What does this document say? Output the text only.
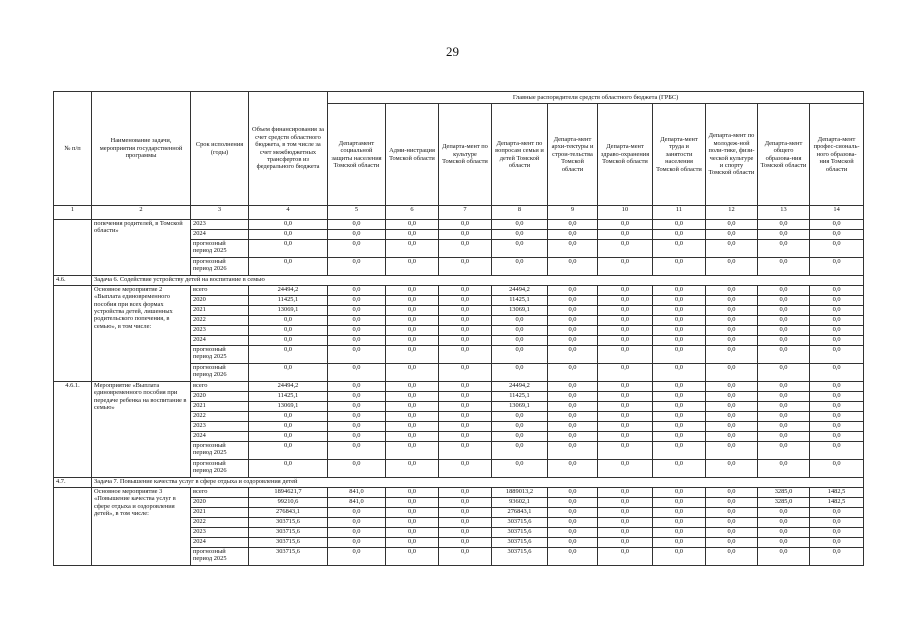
29
№ п/п	Наименование задачи, мероприятия государственной программы	Срок исполнения (годы)	Объем финансирования за счет средств областного бюджета, в том числе за счет межбюджетных трансфертов из федерального бюджета	Главные распорядители средств областного бюджета (ГРБС)									
				Департамент социальной защиты населения Томской области	Адми-нистрация Томской области	Департа-мент по культуре Томской области	Департа-мент по вопросам семьи и детей Томской области	Департа-мент архи-тектуры и строи-тельства Томской области	Департа-мент здраво-охранения Томской области	Департа-мент труда и занятости населения Томской области	Департа-мент по молодеж-ной поли-тике, физи-ческой культуре и спорту Томской области	Департа-мент общего образова-ния Томской области	Департа-мент профес-сиональ-ного образова-ния Томской области
1	2	3	4	5	6	7	8	9	10	11	12	13	14
	попечения родителей, в Томской области»	2023	0,0	0,0	0,0	0,0	0,0	0,0	0,0	0,0	0,0	0,0	0,0
		2024	0,0	0,0	0,0	0,0	0,0	0,0	0,0	0,0	0,0	0,0	0,0
		прогнозный период 2025	0,0	0,0	0,0	0,0	0,0	0,0	0,0	0,0	0,0	0,0	0,0
		прогнозный период 2026	0,0	0,0	0,0	0,0	0,0	0,0	0,0	0,0	0,0	0,0	0,0
4.6.	Задача 6. Содействие устройству детей на воспитание в семью												
	Основное мероприятие 2 «Выплата единовременного пособия при всех формах устройства детей, лишенных родительского попечения, в семью», в том числе:	всего	24494,2	0,0	0,0	0,0	24494,2	0,0	0,0	0,0	0,0	0,0	0,0
		2020	11425,1	0,0	0,0	0,0	11425,1	0,0	0,0	0,0	0,0	0,0	0,0
		2021	13069,1	0,0	0,0	0,0	13069,1	0,0	0,0	0,0	0,0	0,0	0,0
		2022	0,0	0,0	0,0	0,0	0,0	0,0	0,0	0,0	0,0	0,0	0,0
		2023	0,0	0,0	0,0	0,0	0,0	0,0	0,0	0,0	0,0	0,0	0,0
		2024	0,0	0,0	0,0	0,0	0,0	0,0	0,0	0,0	0,0	0,0	0,0
		прогнозный период 2025	0,0	0,0	0,0	0,0	0,0	0,0	0,0	0,0	0,0	0,0	0,0
		прогнозный период 2026	0,0	0,0	0,0	0,0	0,0	0,0	0,0	0,0	0,0	0,0	0,0
4.6.1.	Мероприятие «Выплата единовременного пособия при передаче ребенка на воспитание в семью»	всего	24494,2	0,0	0,0	0,0	24494,2	0,0	0,0	0,0	0,0	0,0	0,0
		2020	11425,1	0,0	0,0	0,0	11425,1	0,0	0,0	0,0	0,0	0,0	0,0
		2021	13069,1	0,0	0,0	0,0	13069,1	0,0	0,0	0,0	0,0	0,0	0,0
		2022	0,0	0,0	0,0	0,0	0,0	0,0	0,0	0,0	0,0	0,0	0,0
		2023	0,0	0,0	0,0	0,0	0,0	0,0	0,0	0,0	0,0	0,0	0,0
		2024	0,0	0,0	0,0	0,0	0,0	0,0	0,0	0,0	0,0	0,0	0,0
		прогнозный период 2025	0,0	0,0	0,0	0,0	0,0	0,0	0,0	0,0	0,0	0,0	0,0
		прогнозный период 2026	0,0	0,0	0,0	0,0	0,0	0,0	0,0	0,0	0,0	0,0	0,0
4.7.	Задача 7. Повышение качества услуг в сфере отдыха и оздоровления детей												
	Основное мероприятие 3 «Повышение качества услуг в сфере отдыха и оздоровления детей», в том числе:	всего	1894621,7	841,0	0,0	0,0	1889013,2	0,0	0,0	0,0	0,0	3285,0	1482,5
		2020	99210,6	841,0	0,0	0,0	93602,1	0,0	0,0	0,0	0,0	3285,0	1482,5
		2021	276843,1	0,0	0,0	0,0	276843,1	0,0	0,0	0,0	0,0	0,0	0,0
		2022	303715,6	0,0	0,0	0,0	303715,6	0,0	0,0	0,0	0,0	0,0	0,0
		2023	303715,6	0,0	0,0	0,0	303715,6	0,0	0,0	0,0	0,0	0,0	0,0
		2024	303715,6	0,0	0,0	0,0	303715,6	0,0	0,0	0,0	0,0	0,0	0,0
		прогнозный период 2025	303715,6	0,0	0,0	0,0	303715,6	0,0	0,0	0,0	0,0	0,0	0,0
